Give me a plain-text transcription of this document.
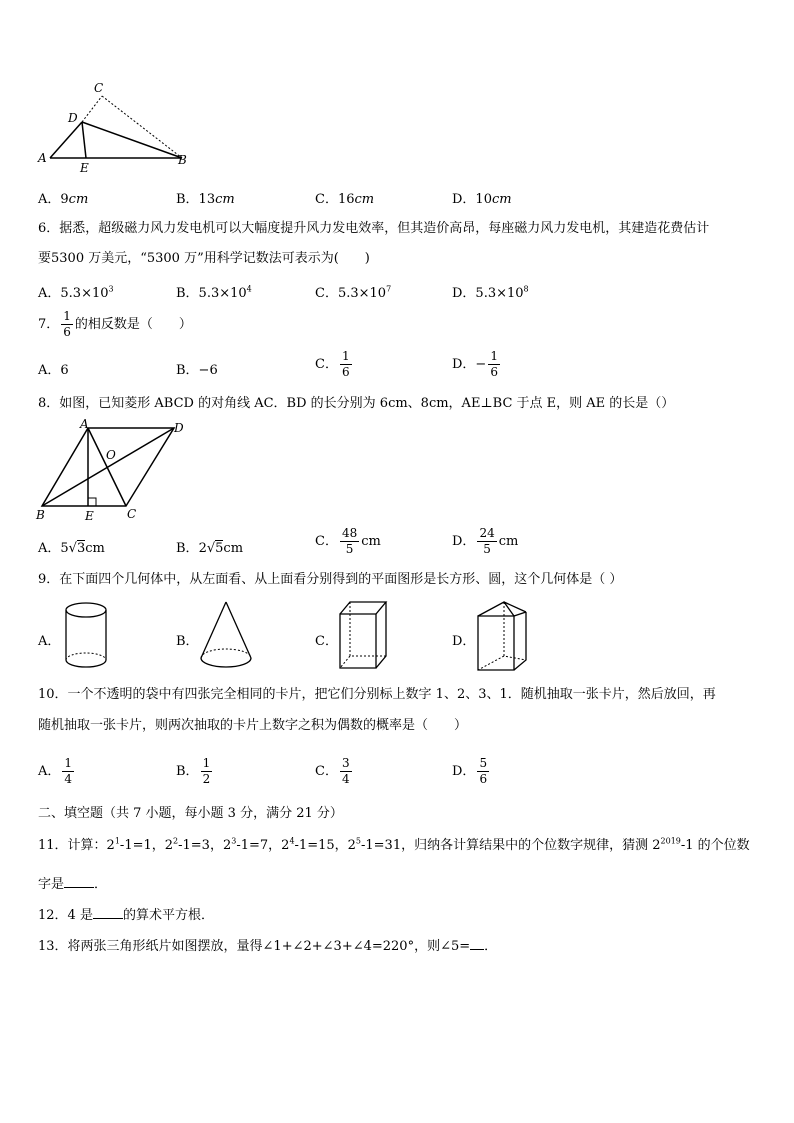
C
D
A
E
B
A．9cm	B．13cm	C．16cm	D．10cm
6．据悉，超级磁力风力发电机可以大幅度提升风力发电效率，但其造价高昂，每座磁力风力发电机，其建造花费估计
要5300 万美元，“5300 万”用科学记数法可表示为(　　)
A．$5.3\times 10^3$	B．$5.3\times 10^4$	C．$5.3\times 10^7$	D．$5.3\times 10^8$
7． $\frac{1}{6}$ 的相反数是（　　）
A．6	B．−6	C． $\frac{1}{6}$	D．− $\frac{1}{6}$
8．如图，已知菱形 ABCD 的对角线 AC．BD 的长分别为 6cm、8cm，AE⊥BC 于点 E，则 AE 的长是（）
A	D
O
B	E	C
A．5√3cm	B．2√5cm	C． $\frac{48}{5}$ cm	D． $\frac{24}{5}$ cm
9．在下面四个几何体中，从左面看、从上面看分别得到的平面图形是长方形、圆，这个几何体是（ ）
A．	B．	C．	D．
10．一个不透明的袋中有四张完全相同的卡片，把它们分别标上数字 1、2、3、1．随机抽取一张卡片，然后放回，再
随机抽取一张卡片，则两次抽取的卡片上数字之积为偶数的概率是（　　）
A． $\frac{1}{4}$	B． $\frac{1}{2}$	C． $\frac{3}{4}$	D． $\frac{5}{6}$
二、填空题（共 7 小题，每小题 3 分，满分 21 分）
11．计算：$2^1-1=1$，$2^2-1=3$，$2^3-1=7$，$2^4-1=15$，$2^5-1=31$，归纳各计算结果中的个位数字规律，猜测 $2^{2019}-1$ 的个位数
字是 ．
12．4 是 的算术平方根．
13．将两张三角形纸片如图摆放，量得∠1+∠2+∠3+∠4=220°，则∠5= ．
